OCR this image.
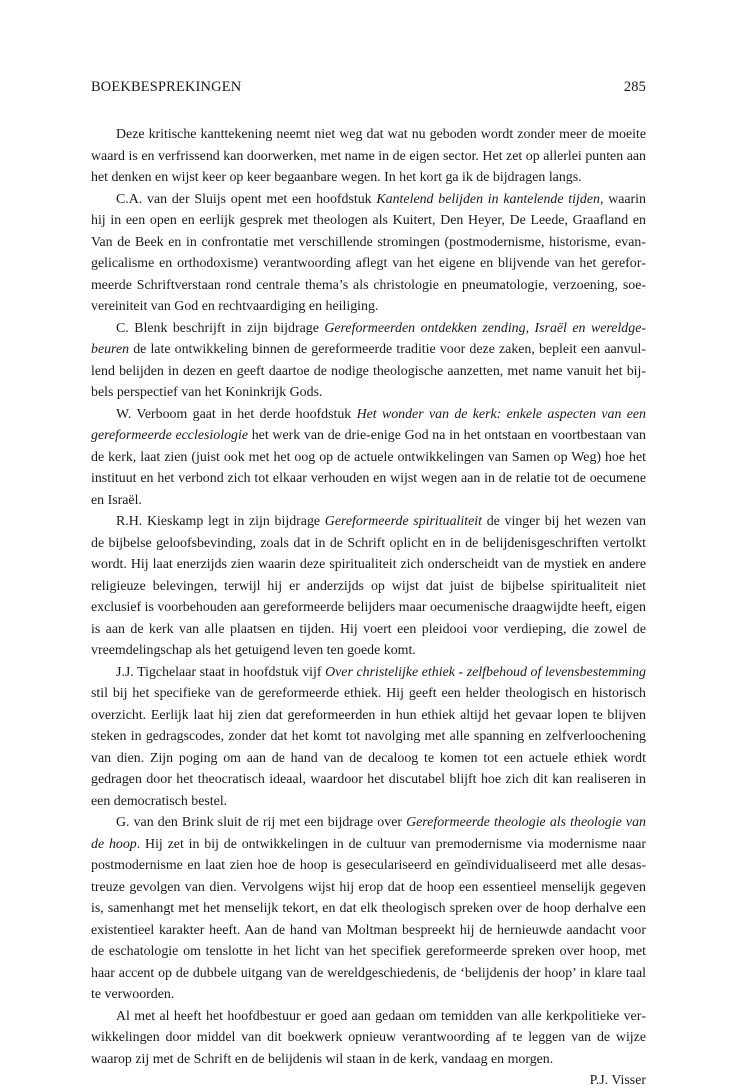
BOEKBESPREKINGEN	285

Deze kritische kanttekening neemt niet weg dat wat nu geboden wordt zonder meer de moeite waard is en verfrissend kan doorwerken, met name in de eigen sector. Het zet op allerlei punten aan het denken en wijst keer op keer begaanbare wegen. In het kort ga ik de bijdragen langs.

C.A. van der Sluijs opent met een hoofdstuk Kantelend belijden in kantelende tijden, waarin hij in een open en eerlijk gesprek met theologen als Kuitert, Den Heyer, De Leede, Graafland en Van de Beek en in confrontatie met verschillende stromingen (postmodernisme, historisme, evangelicalisme en orthodoxisme) verantwoording aflegt van het eigene en blijvende van het gereformeerde Schriftverstaan rond centrale thema’s als christologie en pneumatologie, verzoening, soevereiniteit van God en rechtvaardiging en heiliging.

C. Blenk beschrijft in zijn bijdrage Gereformeerden ontdekken zending, Israël en wereldgebeuren de late ontwikkeling binnen de gereformeerde traditie voor deze zaken, bepleit een aanvullend belijden in dezen en geeft daartoe de nodige theologische aanzetten, met name vanuit het bijbels perspectief van het Koninkrijk Gods.

W. Verboom gaat in het derde hoofdstuk Het wonder van de kerk: enkele aspecten van een gereformeerde ecclesiologie het werk van de drie-enige God na in het ontstaan en voortbestaan van de kerk, laat zien (juist ook met het oog op de actuele ontwikkelingen van Samen op Weg) hoe het instituut en het verbond zich tot elkaar verhouden en wijst wegen aan in de relatie tot de oecumene en Israël.

R.H. Kieskamp legt in zijn bijdrage Gereformeerde spiritualiteit de vinger bij het wezen van de bijbelse geloofsbevinding, zoals dat in de Schrift oplicht en in de belijdenisgeschriften vertolkt wordt. Hij laat enerzijds zien waarin deze spiritualiteit zich onderscheidt van de mystiek en andere religieuze belevingen, terwijl hij er anderzijds op wijst dat juist de bijbelse spiritualiteit niet exclusief is voorbehouden aan gereformeerde belijders maar oecumenische draagwijdte heeft, eigen is aan de kerk van alle plaatsen en tijden. Hij voert een pleidooi voor verdieping, die zowel de vreemdelingschap als het getuigend leven ten goede komt.

J.J. Tigchelaar staat in hoofdstuk vijf Over christelijke ethiek - zelfbehoud of levensbestemming stil bij het specifieke van de gereformeerde ethiek. Hij geeft een helder theologisch en historisch overzicht. Eerlijk laat hij zien dat gereformeerden in hun ethiek altijd het gevaar lopen te blijven steken in gedragscodes, zonder dat het komt tot navolging met alle spanning en zelfverloochening van dien. Zijn poging om aan de hand van de decaloog te komen tot een actuele ethiek wordt gedragen door het theocratisch ideaal, waardoor het discutabel blijft hoe zich dit kan realiseren in een democratisch bestel.

G. van den Brink sluit de rij met een bijdrage over Gereformeerde theologie als theologie van de hoop. Hij zet in bij de ontwikkelingen in de cultuur van premodernisme via modernisme naar postmodernisme en laat zien hoe de hoop is geseculariseerd en geïndividualiseerd met alle desastreuze gevolgen van dien. Vervolgens wijst hij erop dat de hoop een essentieel menselijk gegeven is, samenhangt met het menselijk tekort, en dat elk theologisch spreken over de hoop derhalve een existentieel karakter heeft. Aan de hand van Moltman bespreekt hij de hernieuwde aandacht voor de eschatologie om tenslotte in het licht van het specifiek gereformeerde spreken over hoop, met haar accent op de dubbele uitgang van de wereldgeschiedenis, de ‘belijdenis der hoop’ in klare taal te verwoorden.

Al met al heeft het hoofdbestuur er goed aan gedaan om temidden van alle kerkpolitieke verwikkelingen door middel van dit boekwerk opnieuw verantwoording af te leggen van de wijze waarop zij met de Schrift en de belijdenis wil staan in de kerk, vandaag en morgen.

P.J. Visser
